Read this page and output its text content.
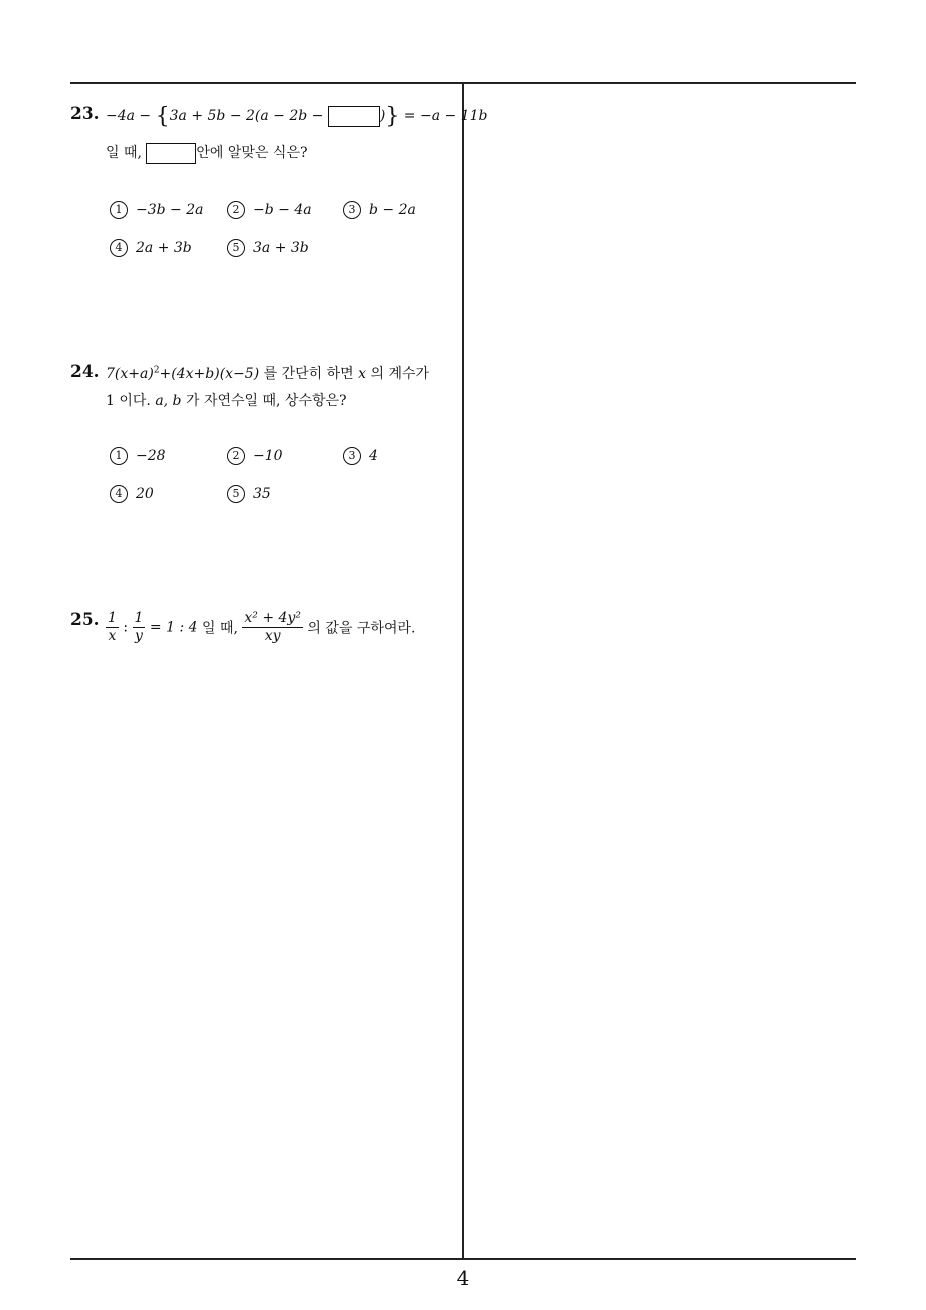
23. −4a − {3a + 5b − 2(a − 2b −	)} = −a − 11b
일 때,	안에 알맞은 식은?
1 −3b − 2a	2 −b − 4a	3 b − 2a
4 2a + 3b	5 3a + 3b
24. $7(x+a)^2+(4x+b)(x-5)$ 를 간단히 하면 x 의 계수가
1 이다. a, b 가 자연수일 때, 상수항은?
1 −28	2 −10	3 4
4 20	5 35
25. $\frac{1}{x}$ : $\frac{1}{y} = 1$ : 4 일 때, $\frac{\text{x² + 4y²}}{xy}$ 의 값을 구하여라.
4
